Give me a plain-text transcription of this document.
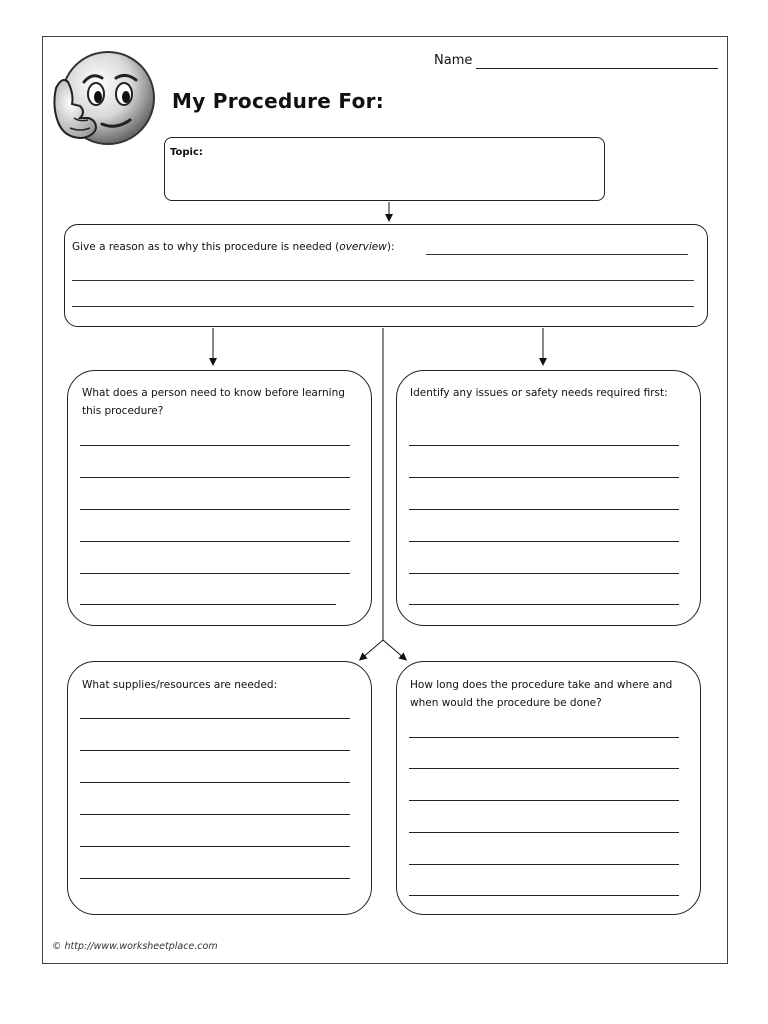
Name
My Procedure For:
Topic:
Give a reason as to why this procedure is needed (overview):
What does a person need to know before learning this procedure?
Identify any issues or safety needs required first:
What supplies/resources are needed:	How long does the procedure take and where and when would the procedure be done?
© http://www.worksheetplace.com
